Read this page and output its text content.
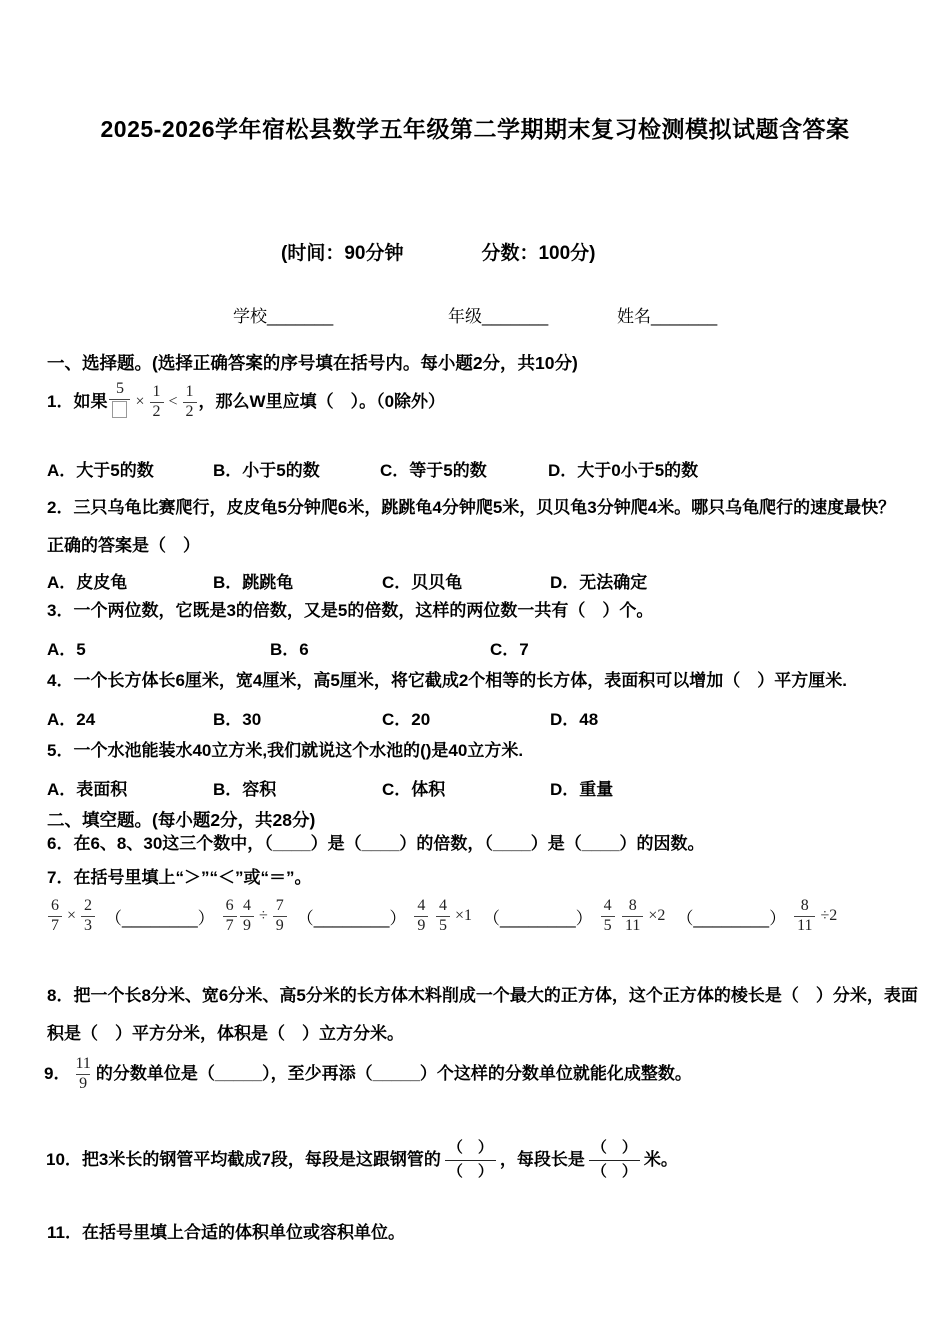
2025-2026学年宿松县数学五年级第二学期期末复习检测模拟试题含答案
(时间：90分钟	分数：100分)
学校_______	年级_______	姓名_______
一、选择题。(选择正确答案的序号填在括号内。每小题2分，共10分)
1．如果
5
× $\frac{1}{2} < \frac{1}{2}$ ，那么W里应填（　）。（0除外）
A．大于5的数	B．小于5的数	C．等于5的数	D．大于0小于5的数
2．三只乌龟比赛爬行，皮皮龟5分钟爬6米，跳跳龟4分钟爬5米，贝贝龟3分钟爬4米。哪只乌龟爬行的速度最快？
正确的答案是（　）
A．皮皮龟	B．跳跳龟	C．贝贝龟	D．无法确定
3．一个两位数，它既是3的倍数，又是5的倍数，这样的两位数一共有（　）个。
A．5	B．6	C．7
4．一个长方体长6厘米，宽4厘米，高5厘米，将它截成2个相等的长方体，表面积可以增加（　）平方厘米.
A．24	B．30	C．20	D．48
5．一个水池能装水40立方米,我们就说这个水池的()是40立方米.
A．表面积	B．容积	C．体积	D．重量
二、填空题。(每小题2分，共28分)
6．在6、8、30这三个数中，（____）是（____）的倍数，（____）是（____）的因数。
7．在括号里填上“＞”“＜”或“＝”。
$\frac{6}{7} \times \frac{2}{3}$ （________） $\frac{6}{7} \frac{4}{9} \div \frac{7}{9}$ （________） $\frac{4}{9} \frac{4}{5} \times 1$ （________） $\frac{4}{5} \frac{8}{11} \times 2$ （________） $\frac{8}{11} \div 2$
8．把一个长8分米、宽6分米、高5分米的长方体木料削成一个最大的正方体，这个正方体的棱长是（　）分米，表面
积是（　）平方分米，体积是（　）立方分米。
9． $\frac{11}{9}$ 的分数单位是（_____），至少再添（_____）个这样的分数单位就能化成整数。
10．把3米长的钢管平均截成7段，每段是这跟钢管的
（　）
（　）
，每段长是
（　）
（　）
米。
11．在括号里填上合适的体积单位或容积单位。
